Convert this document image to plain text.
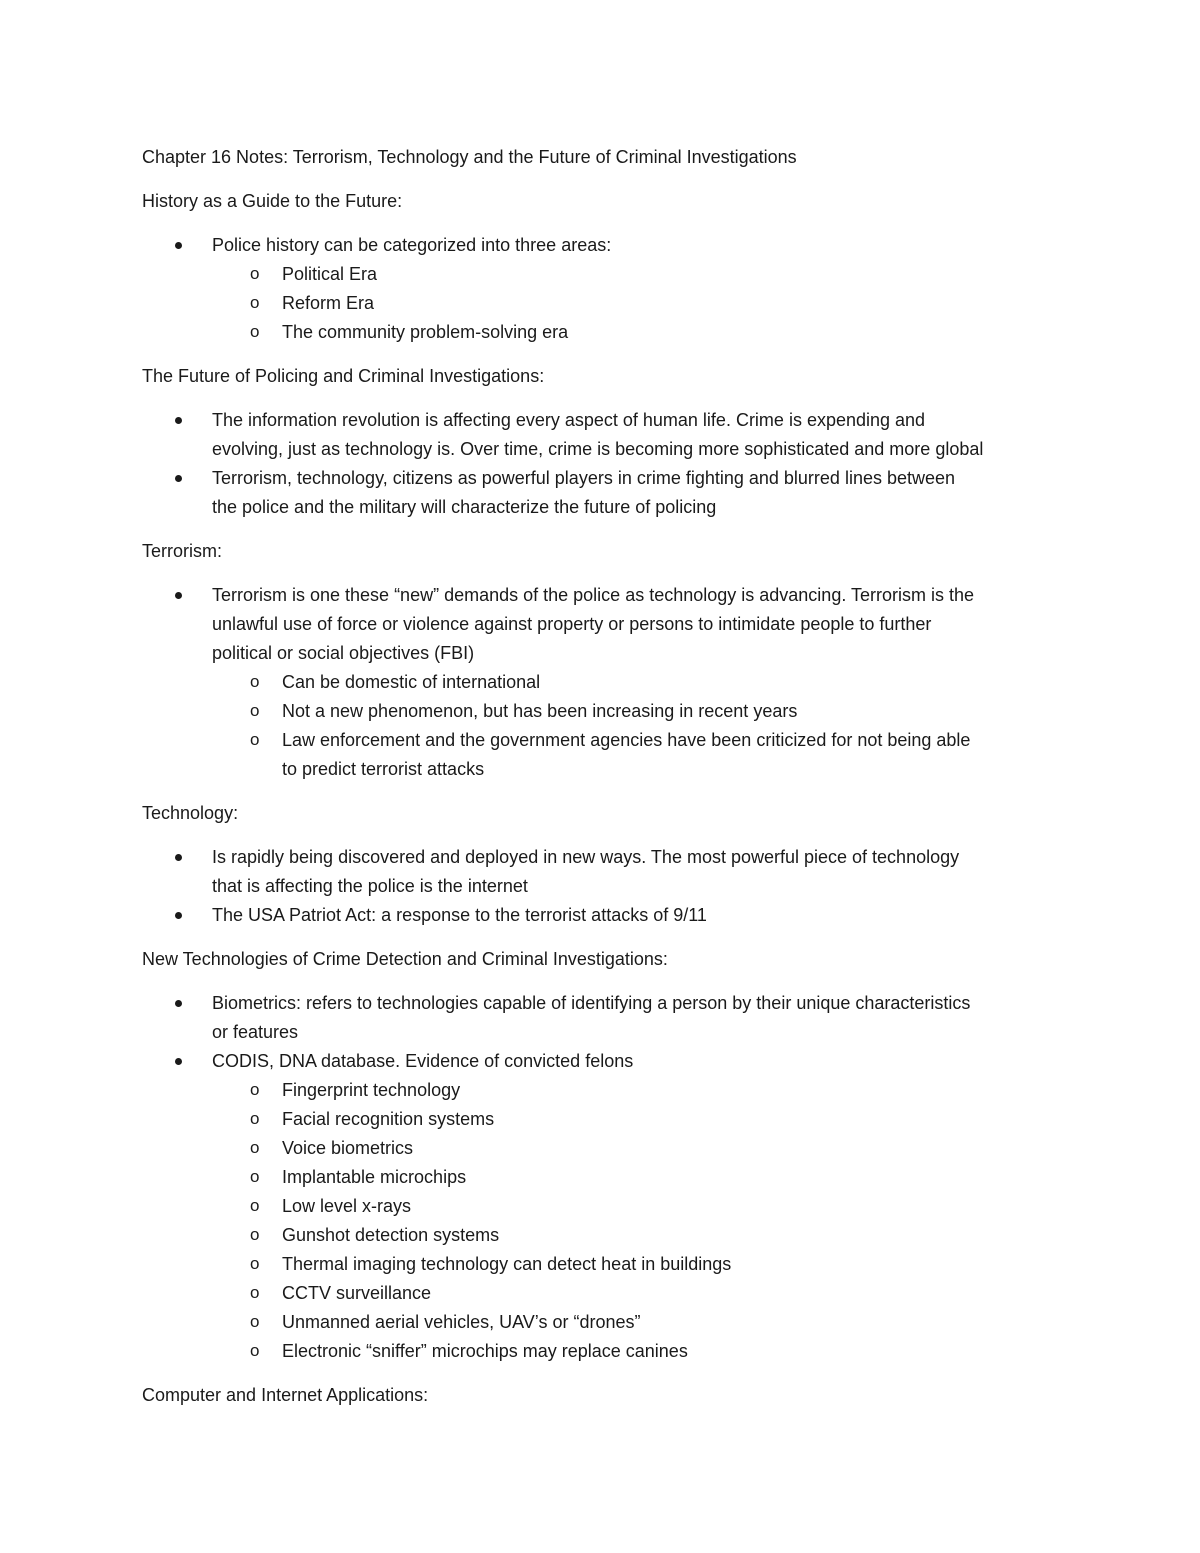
Chapter 16 Notes: Terrorism, Technology and the Future of Criminal Investigations
History as a Guide to the Future:
Police history can be categorized into three areas:
o Political Era
o Reform Era
o The community problem-solving era
The Future of Policing and Criminal Investigations:
The information revolution is affecting every aspect of human life. Crime is expending and
evolving, just as technology is. Over time, crime is becoming more sophisticated and more global
Terrorism, technology, citizens as powerful players in crime fighting and blurred lines between
the police and the military will characterize the future of policing
Terrorism:
Terrorism is one these “new” demands of the police as technology is advancing. Terrorism is the
unlawful use of force or violence against property or persons to intimidate people to further
political or social objectives (FBI)
o Can be domestic of international
o Not a new phenomenon, but has been increasing in recent years
o Law enforcement and the government agencies have been criticized for not being able
to predict terrorist attacks
Technology:
Is rapidly being discovered and deployed in new ways. The most powerful piece of technology
that is affecting the police is the internet
The USA Patriot Act: a response to the terrorist attacks of 9/11
New Technologies of Crime Detection and Criminal Investigations:
Biometrics: refers to technologies capable of identifying a person by their unique characteristics
or features
CODIS, DNA database. Evidence of convicted felons
o Fingerprint technology
o Facial recognition systems
o Voice biometrics
o Implantable microchips
o Low level x-rays
o Gunshot detection systems
o Thermal imaging technology can detect heat in buildings
o CCTV surveillance
o Unmanned aerial vehicles, UAV’s or “drones”
o Electronic “sniffer” microchips may replace canines
Computer and Internet Applications:
